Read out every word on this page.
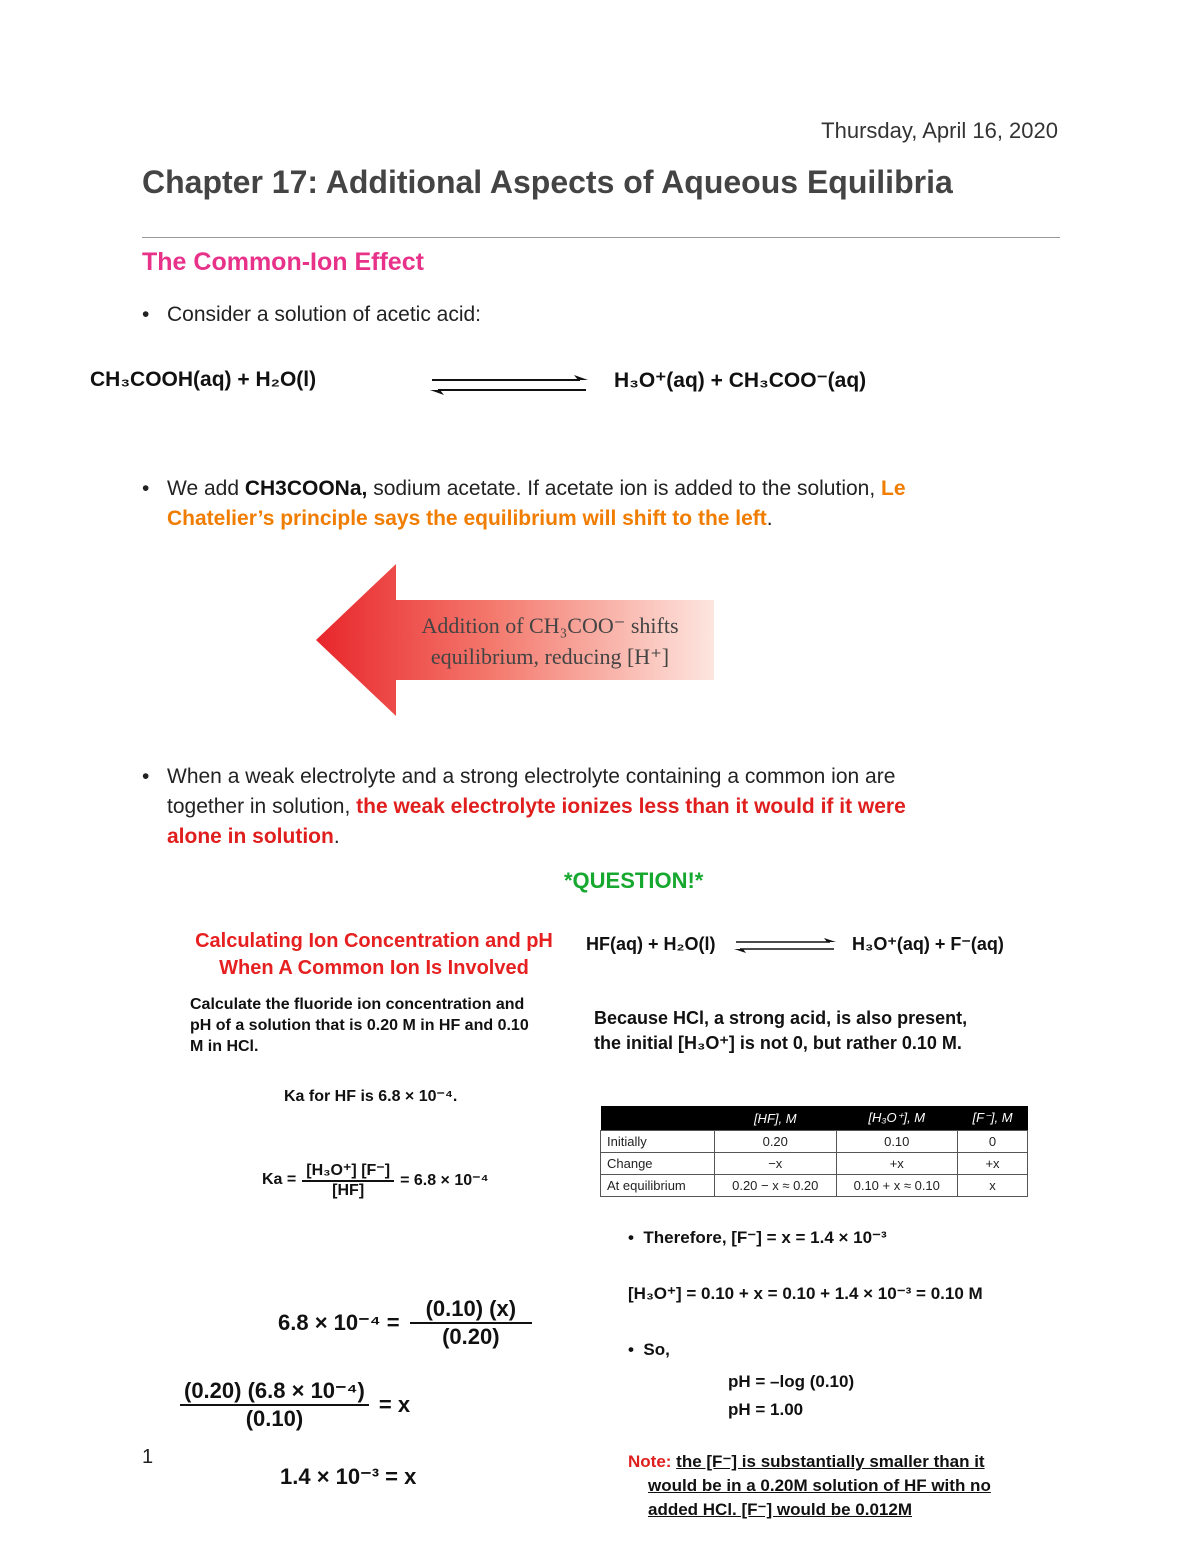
Thursday, April 16, 2020
Chapter 17: Additional Aspects of Aqueous Equilibria
The Common-Ion Effect
• Consider a solution of acetic acid:
CH₃COOH(aq) + H₂O(l)	H₃O⁺(aq) + CH₃COO⁻(aq)
• We add CH3COONa, sodium acetate. If acetate ion is added to the solution, Le
Chatelier’s principle says the equilibrium will shift to the left.
Addition of CH₃COO⁻ shifts
equilibrium, reducing [H⁺]
• When a weak electrolyte and a strong electrolyte containing a common ion are
together in solution, the weak electrolyte ionizes less than it would if it were
alone in solution.
*QUESTION!*
Calculating Ion Concentration and pH
When A Common Ion Is Involved
HF(aq) + H₂O(l)	H₃O⁺(aq) + F⁻(aq)
Calculate the fluoride ion concentration and
pH of a solution that is 0.20 M in HF and 0.10
M in HCl.
Because HCl, a strong acid, is also present,
the initial [H₃O⁺] is not 0, but rather 0.10 M.
Ka for HF is 6.8 × 10⁻⁴.
$Ka = \frac{\text{[H₃O⁺] [F⁻]}}{[HF]} = 6.8 \times 10^{-4}$
	[HF], M	[H₃O⁺], M	[F⁻], M
Initially	0.20	0.10	0
Change	−x	+x	+x
At equilibrium	0.20 − x ≈ 0.20	0.10 + x ≈ 0.10	x
•  Therefore, [F⁻] = x = 1.4 × 10⁻³
[H₃O⁺] = 0.10 + x = 0.10 + 1.4 × 10⁻³ = 0.10 M
•  So,
pH = –log (0.10)
pH = 1.00
$6.8 \times 10^{-4} = \frac{(0.10) (x)}{(0.20)}$
$\frac{\text{(0.20) (6.8 × 10⁻⁴)}}{(0.10)} = x$
1.4 × 10⁻³ = x
Note: the [F⁻] is substantially smaller than it
would be in a 0.20M solution of HF with no
added HCl. [F⁻] would be 0.012M
1
